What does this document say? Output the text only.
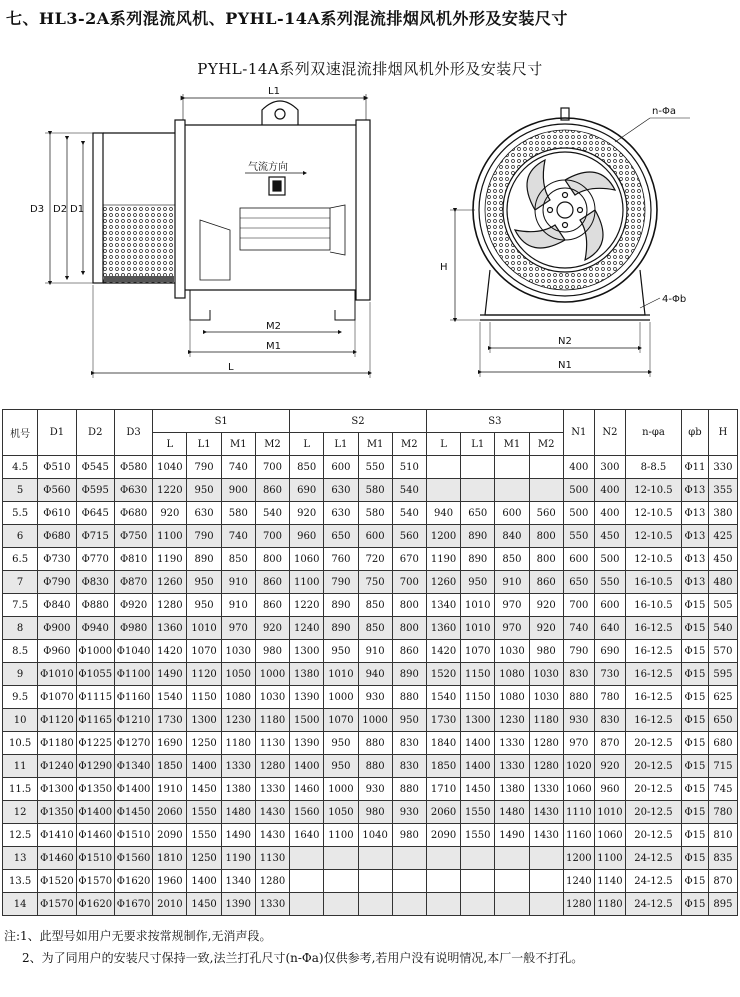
七、HL3-2A系列混流风机、PYHL-14A系列混流排烟风机外形及安装尺寸
PYHL-14A系列双速混流排烟风机外形及安装尺寸
L1
气流方向
D3 D2 D1
M2
M1
L
n-Φa
4-Φb
H
N2
N1
机号	D1	D2	D3	S1				S2				S3				N1	N2	n-φa	φb	H
				L	L1	M1	M2	L	L1	M1	M2	L	L1	M1	M2					
4.5	Φ510	Φ545	Φ580	1040	790	740	700	850	600	550	510					400	300	8-8.5	Φ11	330
5	Φ560	Φ595	Φ630	1220	950	900	860	690	630	580	540					500	400	12-10.5	Φ13	355
5.5	Φ610	Φ645	Φ680	920	630	580	540	920	630	580	540	940	650	600	560	500	400	12-10.5	Φ13	380
6	Φ680	Φ715	Φ750	1100	790	740	700	960	650	600	560	1200	890	840	800	550	450	12-10.5	Φ13	425
6.5	Φ730	Φ770	Φ810	1190	890	850	800	1060	760	720	670	1190	890	850	800	600	500	12-10.5	Φ13	450
7	Φ790	Φ830	Φ870	1260	950	910	860	1100	790	750	700	1260	950	910	860	650	550	16-10.5	Φ13	480
7.5	Φ840	Φ880	Φ920	1280	950	910	860	1220	890	850	800	1340	1010	970	920	700	600	16-10.5	Φ15	505
8	Φ900	Φ940	Φ980	1360	1010	970	920	1240	890	850	800	1360	1010	970	920	740	640	16-12.5	Φ15	540
8.5	Φ960	Φ1000	Φ1040	1420	1070	1030	980	1300	950	910	860	1420	1070	1030	980	790	690	16-12.5	Φ15	570
9	Φ1010	Φ1055	Φ1100	1490	1120	1050	1000	1380	1010	940	890	1520	1150	1080	1030	830	730	16-12.5	Φ15	595
9.5	Φ1070	Φ1115	Φ1160	1540	1150	1080	1030	1390	1000	930	880	1540	1150	1080	1030	880	780	16-12.5	Φ15	625
10	Φ1120	Φ1165	Φ1210	1730	1300	1230	1180	1500	1070	1000	950	1730	1300	1230	1180	930	830	16-12.5	Φ15	650
10.5	Φ1180	Φ1225	Φ1270	1690	1250	1180	1130	1390	950	880	830	1840	1400	1330	1280	970	870	20-12.5	Φ15	680
11	Φ1240	Φ1290	Φ1340	1850	1400	1330	1280	1400	950	880	830	1850	1400	1330	1280	1020	920	20-12.5	Φ15	715
11.5	Φ1300	Φ1350	Φ1400	1910	1450	1380	1330	1460	1000	930	880	1710	1450	1380	1330	1060	960	20-12.5	Φ15	745
12	Φ1350	Φ1400	Φ1450	2060	1550	1480	1430	1560	1050	980	930	2060	1550	1480	1430	1110	1010	20-12.5	Φ15	780
12.5	Φ1410	Φ1460	Φ1510	2090	1550	1490	1430	1640	1100	1040	980	2090	1550	1490	1430	1160	1060	20-12.5	Φ15	810
13	Φ1460	Φ1510	Φ1560	1810	1250	1190	1130									1200	1100	24-12.5	Φ15	835
13.5	Φ1520	Φ1570	Φ1620	1960	1400	1340	1280									1240	1140	24-12.5	Φ15	870
14	Φ1570	Φ1620	Φ1670	2010	1450	1390	1330									1280	1180	24-12.5	Φ15	895
注:1、此型号如用户无要求按常规制作,无消声段。
2、为了同用户的安装尺寸保持一致,法兰打孔尺寸(n-Φa)仅供参考,若用户没有说明情况,本厂一般不打孔。
